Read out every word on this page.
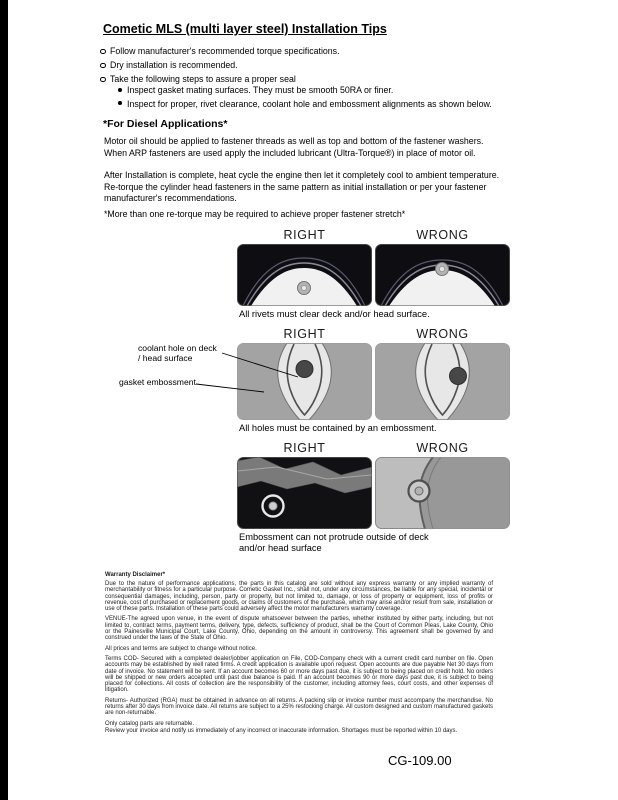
Cometic MLS (multi layer steel) Installation Tips
Follow manufacturer's recommended torque specifications.
Dry installation is recommended.
Take the following steps to assure a proper seal
Inspect gasket mating surfaces. They must be smooth 50RA or finer.
Inspect for proper, rivet clearance, coolant hole and embossment alignments as shown below.
*For Diesel Applications*

Motor oil should be applied to fastener threads as well as top and bottom of the fastener washers. When ARP fasteners are used apply the included lubricant (Ultra-Torque®) in place of motor oil.

After Installation is complete, heat cycle the engine then let it completely cool to ambient temperature. Re-torque the cylinder head fasteners in the same pattern as initial installation or per your fastener manufacturer's recommendations.

*More than one re-torque may be required to achieve proper fastener stretch*

RIGHT	WRONG
All rivets must clear deck and/or head surface.
RIGHT	WRONG
All holes must be contained by an embossment.
RIGHT	WRONG
Embossment can not protrude outside of deck and/or head surface
coolant hole on deck / head surface
gasket embossment
Warranty Disclaimer*

Due to the nature of performance applications, the parts in this catalog are sold without any express warranty or any implied warranty of merchantability or fitness for a particular purpose. Cometic Gasket Inc., shall not, under any circumstances, be liable for any special, incidental or consequential damages, including, person, party or property, but not limited to, damage, or loss of property or equipment, loss of profits or revenue, cost of purchased or replacement goods, or claims of customers of the purchase, which may arise and/or result from sale, installation or use of these parts. Installation of these parts could adversely affect the motor manufacturers warranty coverage.

VENUE-The agreed upon venue, in the event of dispute whatsoever between the parties, whether instituted by either party, including, but not limited to, contract terms, payment terms, delivery, type, defects, sufficiency of product, shall be the Court of Common Pleas, Lake County, Ohio or the Painesville Municipal Court, Lake County, Ohio, depending on the amount in controversy. This agreement shall be governed by and construed under the laws of the State of Ohio.

All prices and terms are subject to change without notice.

Terms COD- Secured with a completed dealer/jobber application on File, COD-Company check with a current credit card number on file. Open accounts may be established by well rated firms. A credit application is available upon request. Open accounts are due payable Net 30 days from date of invoice. No statement will be sent. If an account becomes 60 or more days past due, it is subject to being placed on credit hold. No orders will be shipped or new orders accepted until past due balance is paid. If an account becomes 90 or more days past due, it is subject to being placed for collections. All costs of collection are the responsibility of the customer, including attorney fees, court costs, and other expenses of litigation.

Returns- Authorized (RGA) must be obtained in advance on all returns. A packing slip or invoice number must accompany the merchandise. No returns after 30 days from invoice date. All returns are subject to a 25% restocking charge. All custom designed and custom manufactured gaskets are non-returnable.

Only catalog parts are returnable.

Review your invoice and notify us immediately of any incorrect or inaccurate information. Shortages must be reported within 10 days.

CG-109.00
